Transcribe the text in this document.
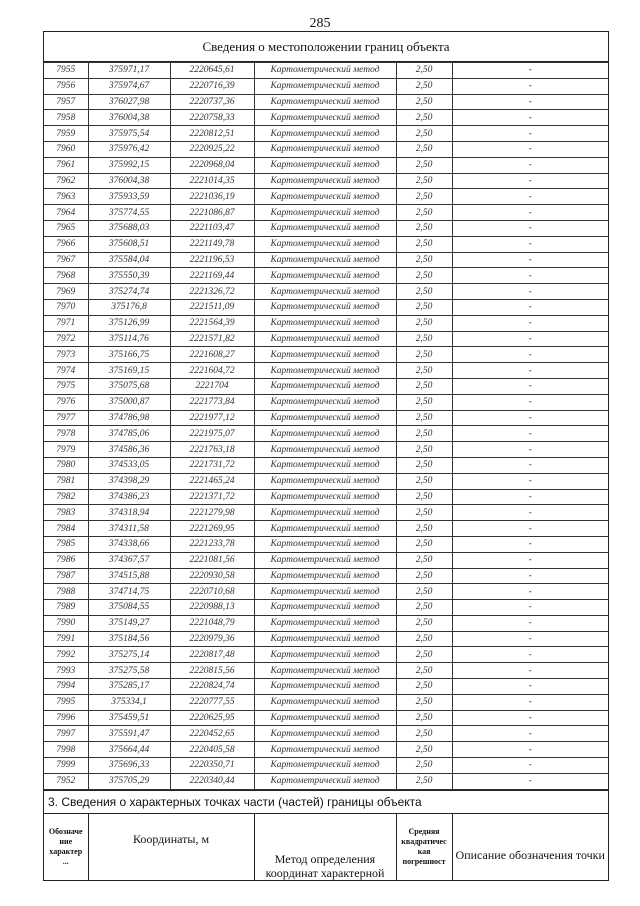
285
Сведения о местоположении границ объекта
7955	375971,17	2220645,61	Картометрический метод	2,50	-
7956	375974,67	2220716,39	Картометрический метод	2,50	-
7957	376027,98	2220737,36	Картометрический метод	2,50	-
7958	376004,38	2220758,33	Картометрический метод	2,50	-
7959	375975,54	2220812,51	Картометрический метод	2,50	-
7960	375976,42	2220925,22	Картометрический метод	2,50	-
7961	375992,15	2220968,04	Картометрический метод	2,50	-
7962	376004,38	2221014,35	Картометрический метод	2,50	-
7963	375933,59	2221036,19	Картометрический метод	2,50	-
7964	375774,55	2221086,87	Картометрический метод	2,50	-
7965	375688,03	2221103,47	Картометрический метод	2,50	-
7966	375608,51	2221149,78	Картометрический метод	2,50	-
7967	375584,04	2221196,53	Картометрический метод	2,50	-
7968	375550,39	2221169,44	Картометрический метод	2,50	-
7969	375274,74	2221326,72	Картометрический метод	2,50	-
7970	375176,8	2221511,09	Картометрический метод	2,50	-
7971	375126,99	2221564,39	Картометрический метод	2,50	-
7972	375114,76	2221571,82	Картометрический метод	2,50	-
7973	375166,75	2221608,27	Картометрический метод	2,50	-
7974	375169,15	2221604,72	Картометрический метод	2,50	-
7975	375075,68	2221704	Картометрический метод	2,50	-
7976	375000,87	2221773,84	Картометрический метод	2,50	-
7977	374786,98	2221977,12	Картометрический метод	2,50	-
7978	374785,06	2221975,07	Картометрический метод	2,50	-
7979	374586,36	2221763,18	Картометрический метод	2,50	-
7980	374533,05	2221731,72	Картометрический метод	2,50	-
7981	374398,29	2221465,24	Картометрический метод	2,50	-
7982	374386,23	2221371,72	Картометрический метод	2,50	-
7983	374318,94	2221279,98	Картометрический метод	2,50	-
7984	374311,58	2221269,95	Картометрический метод	2,50	-
7985	374338,66	2221233,78	Картометрический метод	2,50	-
7986	374367,57	2221081,56	Картометрический метод	2,50	-
7987	374515,88	2220930,58	Картометрический метод	2,50	-
7988	374714,75	2220710,68	Картометрический метод	2,50	-
7989	375084,55	2220988,13	Картометрический метод	2,50	-
7990	375149,27	2221048,79	Картометрический метод	2,50	-
7991	375184,56	2220979,36	Картометрический метод	2,50	-
7992	375275,14	2220817,48	Картометрический метод	2,50	-
7993	375275,58	2220815,56	Картометрический метод	2,50	-
7994	375285,17	2220824,74	Картометрический метод	2,50	-
7995	375334,1	2220777,55	Картометрический метод	2,50	-
7996	375459,51	2220625,95	Картометрический метод	2,50	-
7997	375591,47	2220452,65	Картометрический метод	2,50	-
7998	375664,44	2220405,58	Картометрический метод	2,50	-
7999	375696,33	2220350,71	Картометрический метод	2,50	-
7952	375705,29	2220340,44	Картометрический метод	2,50	-
3. Сведения о характерных точках части (частей) границы объекта
Обозначе
ние
характер
...	Координаты, м	Метод определения координат характерной	Средняя
квадратичес
кая
погрешност	Описание обозначения точки
